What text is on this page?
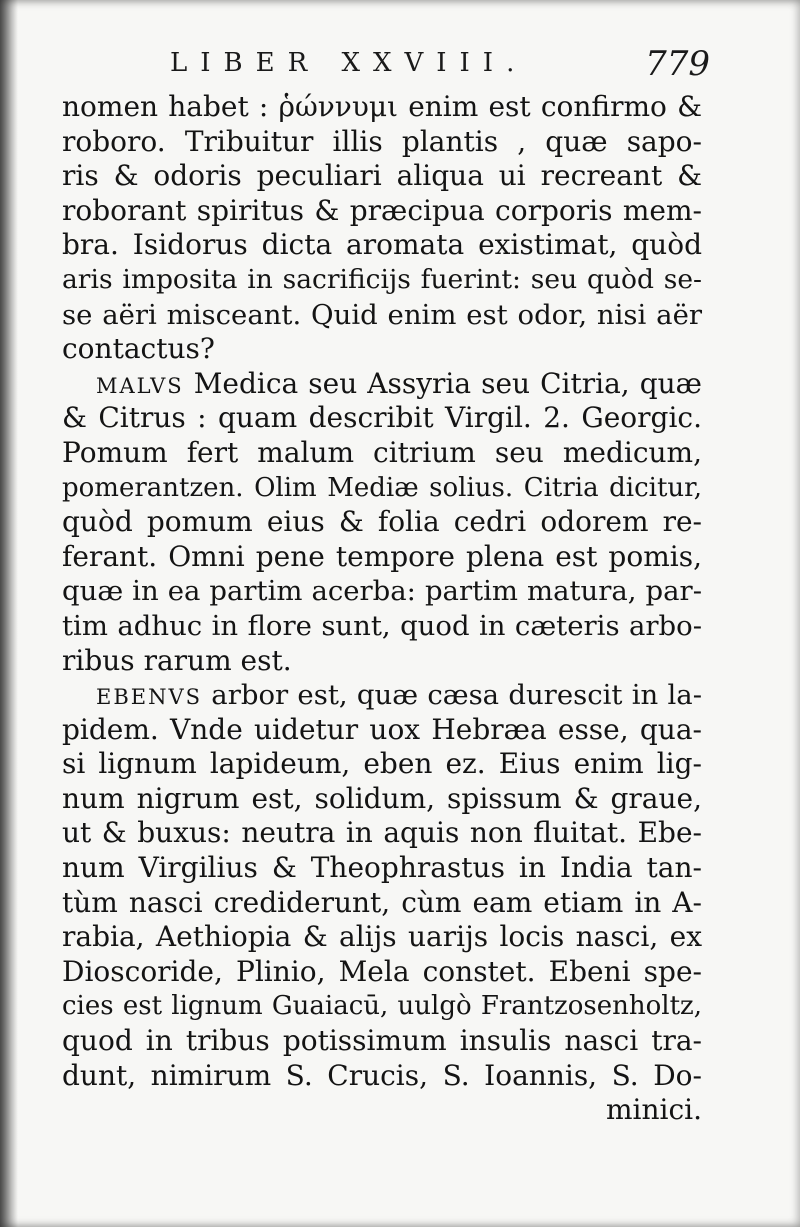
LIBER XXVIII.	779
nomen habet : ῥώννυμι enim est confirmo &
roboro. Tribuitur illis plantis , quæ sapo-
ris & odoris peculiari aliqua ui recreant &
roborant spiritus & præcipua corporis mem-
bra. Isidorus dicta aromata existimat, quòd
aris imposita in sacrificijs fuerint: seu quòd se-
se aëri misceant. Quid enim est odor, nisi aër
contactus?
MALVS Medica seu Assyria seu Citria, quæ
& Citrus : quam describit Virgil. 2. Georgic.
Pomum fert malum citrium seu medicum,
pomerantzen. Olim Mediæ solius. Citria dicitur,
quòd pomum eius & folia cedri odorem re-
ferant. Omni pene tempore plena est pomis,
quæ in ea partim acerba: partim matura, par-
tim adhuc in flore sunt, quod in cæteris arbo-
ribus rarum est.
EBENVS arbor est, quæ cæsa durescit in la-
pidem. Vnde uidetur uox Hebræa esse, qua-
si lignum lapideum, eben ez. Eius enim lig-
num nigrum est, solidum, spissum & graue,
ut & buxus: neutra in aquis non fluitat. Ebe-
num Virgilius & Theophrastus in India tan-
tùm nasci crediderunt, cùm eam etiam in A-
rabia, Aethiopia & alijs uarijs locis nasci, ex
Dioscoride, Plinio, Mela constet. Ebeni spe-
cies est lignum Guaiacū, uulgò Frantzosenholtz,
quod in tribus potissimum insulis nasci tra-
dunt, nimirum S. Crucis, S. Ioannis, S. Do-
minici.
